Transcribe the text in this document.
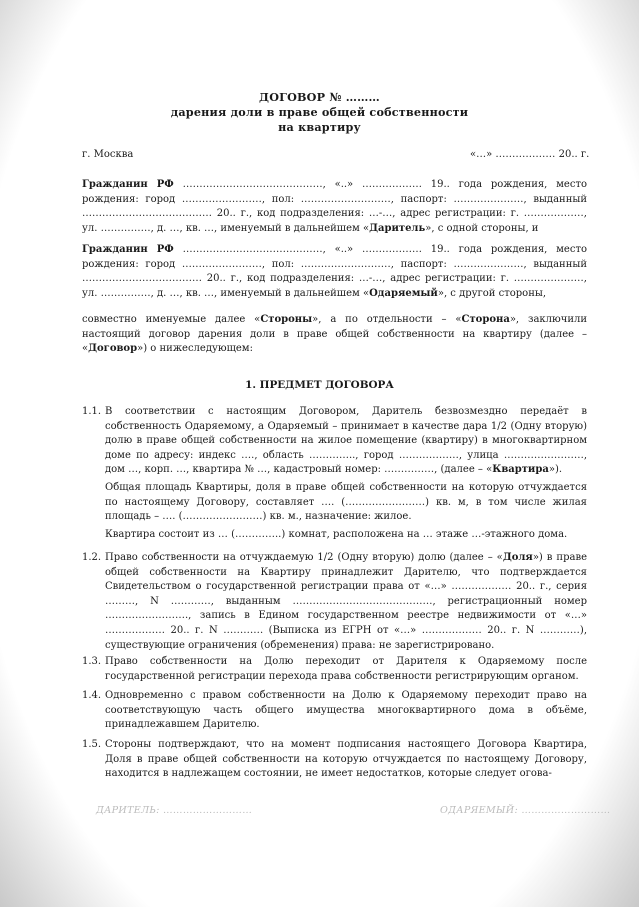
ДОГОВОР № ………

дарения доли в праве общей собственности

на квартиру

г. Москва	«…» ……………… 20.. г.

Гражданин РФ ……………………………………, «..» ……………… 19.. года рождения, место рождения: город ……………………, пол: ………………………, паспорт: …………………, выданный ………………………………… 20.. г., код подразделения: …-…, адрес регистрации: г. ………………, ул. ……………, д. …, кв. …, именуемый в дальнейшем «Даритель», с одной стороны, и

Гражданин РФ ……………………………………, «..» ……………… 19.. года рождения, место рождения: город ……………………, пол: ………………………, паспорт: …………………, выданный ……………………………… 20.. г., код подразделения: …-…, адрес регистрации: г. …………………, ул. ……………, д. …, кв. …, именуемый в дальнейшем «Одаряемый», с другой стороны,

совместно именуемые далее «Стороны», а по отдельности – «Сторона», заключили настоящий договор дарения доли в праве общей собственности на квартиру (далее – «Договор») о нижеследующем:

1. ПРЕДМЕТ ДОГОВОРА

1.1. В соответствии с настоящим Договором, Даритель безвозмездно передаёт в собственность Одаряемому, а Одаряемый – принимает в качестве дара 1/2 (Одну вторую) долю в праве общей собственности на жилое помещение (квартиру) в многоквартирном доме по адресу: индекс …., область ………….., город ………………, улица ……………………, дом …, корп. …, квартира № …, кадастровый номер: ……………, (далее – «Квартира»).

Общая площадь Квартиры, доля в праве общей собственности на которую отчуждается по настоящему Договору, составляет …. (……………………) кв. м, в том числе жилая площадь – …. (……………………) кв. м., назначение: жилое.

Квартира состоит из … (…………..) комнат, расположена на … этаже …-этажного дома.

1.2. Право собственности на отчуждаемую 1/2 (Одну вторую) долю (далее – «Доля») в праве общей собственности на Квартиру принадлежит Дарителю, что подтверждается Свидетельством о государственной регистрации права от «…» ……………… 20.. г., серия ………, N …………, выданным ……………………………………, регистрационный номер ……………………., запись в Едином государственном реестре недвижимости от «…» ……………… 20.. г. N ………… (Выписка из ЕГРН от «…» ……………… 20.. г. N …………), существующие ограничения (обременения) права: не зарегистрировано.
1.3. Право собственности на Долю переходит от Дарителя к Одаряемому после государственной регистрации перехода права собственности регистрирующим органом.
1.4. Одновременно с правом собственности на Долю к Одаряемому переходит право на соответствующую часть общего имущества многоквартирного дома в объёме, принадлежавшем Дарителю.
1.5. Стороны подтверждают, что на момент подписания настоящего Договора Квартира, Доля в праве общей собственности на которую отчуждается по настоящему Договору, находится в надлежащем состоянии, не имеет недостатков, которые следует огова-

ДАРИТЕЛЬ: ………………………	ОДАРЯЕМЫЙ: ………………………
